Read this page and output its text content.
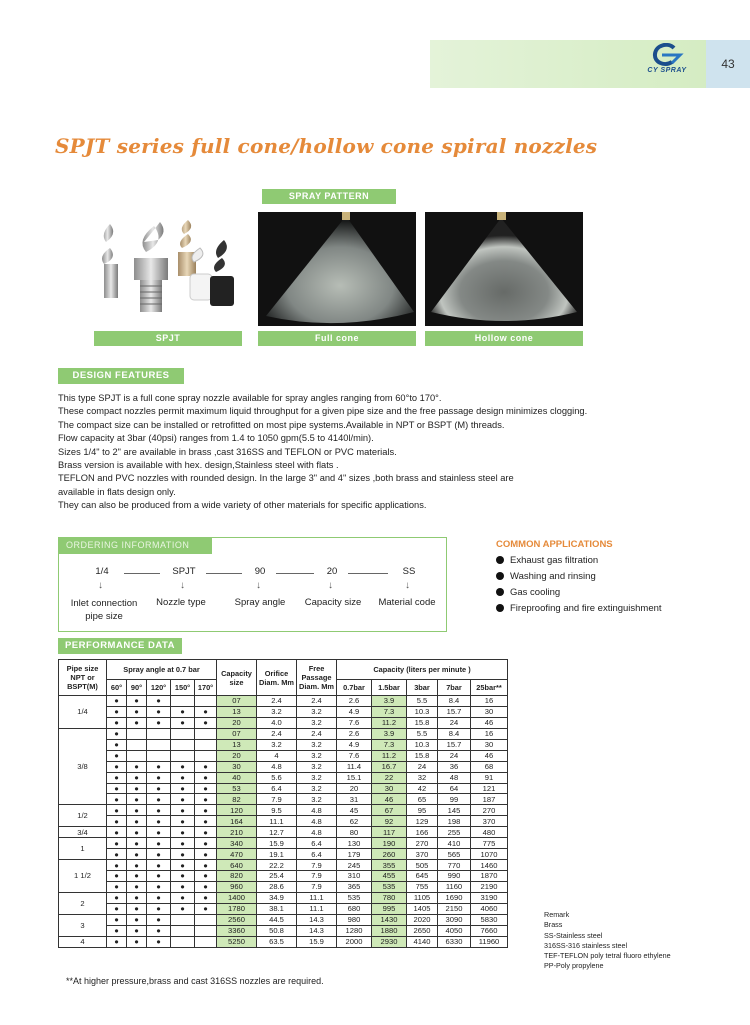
CY SPRAY	43
SPJT series full cone/hollow cone spiral nozzles
SPRAY PATTERN
SPJT	Full cone	Hollow cone
DESIGN FEATURES
This type SPJT is a full cone spray nozzle available for spray angles ranging from 60°to 170°.
These compact nozzles permit maximum liquid throughput for a given pipe size and the free passage design minimizes clogging.
The compact size can be installed or retrofitted on most pipe systems.Available in NPT or BSPT (M) threads.
Flow capacity at 3bar (40psi) ranges from 1.4 to 1050 gpm(5.5 to 4140l/min).
Sizes 1/4" to 2" are available in brass ,cast 316SS and TEFLON or PVC materials.
Brass version is available with hex. design,Stainless steel with flats .
TEFLON and PVC nozzles with rounded design. In the large 3" and 4" sizes ,both brass and stainless steel are
available in flats design only.
They can also be produced from a wide variety of other materials for specific applications.
ORDERING INFORMATION
1/4	SPJT	90	20	SS
↓	↓	↓	↓	↓
Inlet connection
pipe size
Nozzle type	Spray angle	Capacity size	Material code
COMMON APPLICATIONS
Exhaust gas filtration
Washing and rinsing
Gas cooling
Fireproofing and fire extinguishment
PERFORMANCE DATA
Pipe size NPT or BSPT(M)	Spray angle at 0.7 bar					Capacity size	Orifice Diam. Mm	Free Passage Diam. Mm	Capacity (liters per minute )				
	60°	90°	120°	150°	170°				0.7bar	1.5bar	3bar	7bar	25bar**
1/4	●	●	●			07	2.4	2.4	2.6	3.9	5.5	8.4	16
	●	●	●	●	●	13	3.2	3.2	4.9	7.3	10.3	15.7	30
	●	●	●	●	●	20	4.0	3.2	7.6	11.2	15.8	24	46
3/8	●					07	2.4	2.4	2.6	3.9	5.5	8.4	16
	●					13	3.2	3.2	4.9	7.3	10.3	15.7	30
	●					20	4	3.2	7.6	11.2	15.8	24	46
	●	●	●	●	●	30	4.8	3.2	11.4	16.7	24	36	68
	●	●	●	●	●	40	5.6	3.2	15.1	22	32	48	91
	●	●	●	●	●	53	6.4	3.2	20	30	42	64	121
	●	●	●	●	●	82	7.9	3.2	31	46	65	99	187
1/2	●	●	●	●	●	120	9.5	4.8	45	67	95	145	270
	●	●	●	●	●	164	11.1	4.8	62	92	129	198	370
3/4	●	●	●	●	●	210	12.7	4.8	80	117	166	255	480
1	●	●	●	●	●	340	15.9	6.4	130	190	270	410	775
	●	●	●	●	●	470	19.1	6.4	179	260	370	565	1070
1 1/2	●	●	●	●	●	640	22.2	7.9	245	355	505	770	1460
	●	●	●	●	●	820	25.4	7.9	310	455	645	990	1870
	●	●	●	●	●	960	28.6	7.9	365	535	755	1160	2190
2	●	●	●	●	●	1400	34.9	11.1	535	780	1105	1690	3190
	●	●	●	●	●	1780	38.1	11.1	680	995	1405	2150	4060
3	●	●	●			2560	44.5	14.3	980	1430	2020	3090	5830
	●	●	●			3360	50.8	14.3	1280	1880	2650	4050	7660
4	●	●	●			5250	63.5	15.9	2000	2930	4140	6330	11960
Remark
Brass
SS-Stainless steel
316SS-316 stainless steel
TEF-TEFLON poly tetral fluoro ethylene
PP-Poly propylene
**At higher pressure,brass and cast 316SS nozzles are required.
